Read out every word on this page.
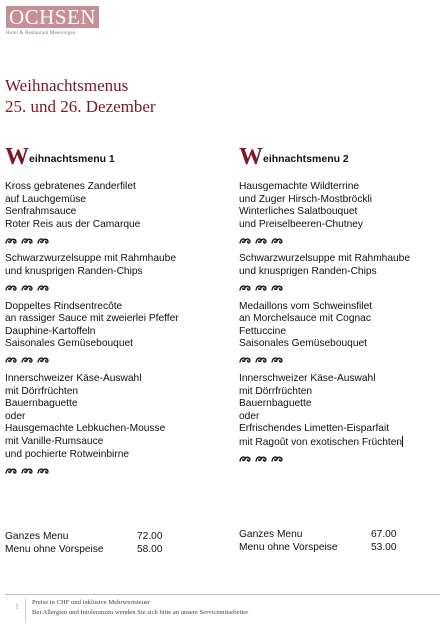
OCHSEN
Hotel & Restaurant Meersingen
Weihnachtsmenus
25. und 26. Dezember
Weihnachtsmenu 1
Kross gebratenes Zanderfilet
auf Lauchgemüse
Senfrahmsauce
Roter Reis aus der Camarque
Schwarzwurzelsuppe mit Rahmhaube
und knusprigen Randen-Chips
Doppeltes Rindsentrecôte
an rassiger Sauce mit zweierlei Pfeffer
Dauphine-Kartoffeln
Saisonales Gemüsebouquet
Innerschweizer Käse-Auswahl
mit Dörrfrüchten
Bauernbaguette
oder
Hausgemachte Lebkuchen-Mousse
mit Vanille-Rumsauce
und pochierte Rotweinbirne
Weihnachtsmenu 2
Hausgemachte Wildterrine
und Zuger Hirsch-Mostbröckli
Winterliches Salatbouquet
und Preiselbeeren-Chutney
Schwarzwurzelsuppe mit Rahmhaube
und knusprigen Randen-Chips
Medaillons vom Schweinsfilet
an Morchelsauce mit Cognac
Fettuccine
Saisonales Gemüsebouquet
Innerschweizer Käse-Auswahl
mit Dörrfrüchten
Bauernbaguette
oder
Erfrischendes Limetten-Eisparfait
mit Ragoût von exotischen Früchten
Ganzes Menu	72.00
Menu ohne Vorspeise	58.00
Ganzes Menu	67.00
Menu ohne Vorspeise	53.00
1	Preise in CHF und inklusive Mehrwertsteuer
Bei Allergien und Intoleranzen wenden Sie sich bitte an unsere Servicemitarbeiter
